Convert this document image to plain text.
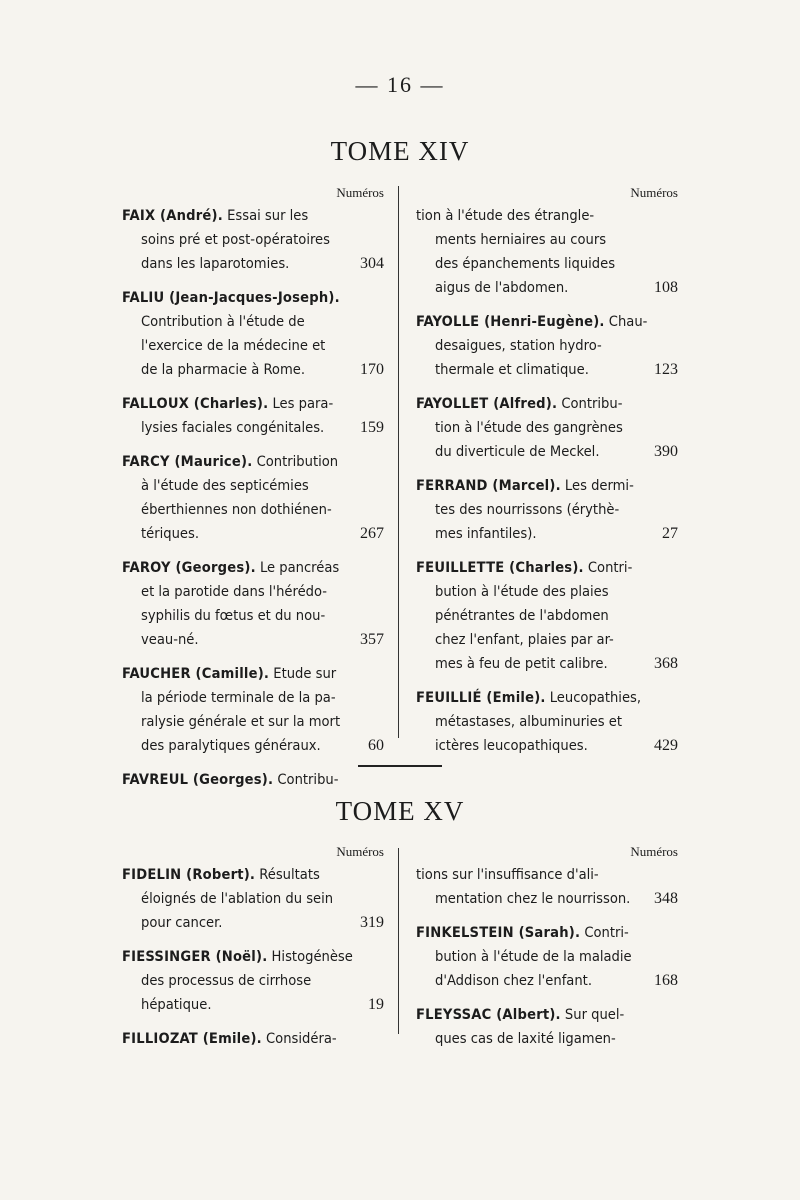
— 16 —
TOME XIV
Numéros
FAIX (André). Essai sur les
soins pré et post-opératoires
dans les laparotomies.	304
FALIU (Jean-Jacques-Joseph).
Contribution à l'étude de
l'exercice de la médecine et
de la pharmacie à Rome.	170
FALLOUX (Charles). Les para-
lysies faciales congénitales. 159
FARCY (Maurice). Contribution
à l'étude des septicémies
éberthiennes non dothiénen-
tériques.	267
FAROY (Georges). Le pancréas
et la parotide dans l'hérédo-
syphilis du fœtus et du nou-
veau-né.	357
FAUCHER (Camille). Etude sur
la période terminale de la pa-
ralysie générale et sur la mort
des paralytiques généraux.	60
FAVREUL (Georges). Contribu-
Numéros
tion à l'étude des étrangle-
ments herniaires au cours
des épanchements liquides
aigus de l'abdomen.	108
FAYOLLE (Henri-Eugène). Chau-
desaigues, station hydro-
thermale et climatique.	123
FAYOLLET (Alfred). Contribu-
tion à l'étude des gangrènes
du diverticule de Meckel.	390
FERRAND (Marcel). Les dermi-
tes des nourrissons (érythè-
mes infantiles).	27
FEUILLETTE (Charles). Contri-
bution à l'étude des plaies
pénétrantes de l'abdomen
chez l'enfant, plaies par ar-
mes à feu de petit calibre.	368
FEUILLIÉ (Emile). Leucopathies,
métastases, albuminuries et
ictères leucopathiques.	429
TOME XV
Numéros
FIDELIN (Robert). Résultats
éloignés de l'ablation du sein
pour cancer.	319
FIESSINGER (Noël). Histogénèse
des processus de cirrhose
hépatique.	19
FILLIOZAT (Emile). Considéra-
Numéros
tions sur l'insuffisance d'ali-
mentation chez le nourrisson. 348
FINKELSTEIN (Sarah). Contri-
bution à l'étude de la maladie
d'Addison chez l'enfant.	168
FLEYSSAC (Albert). Sur quel-
ques cas de laxité ligamen-
